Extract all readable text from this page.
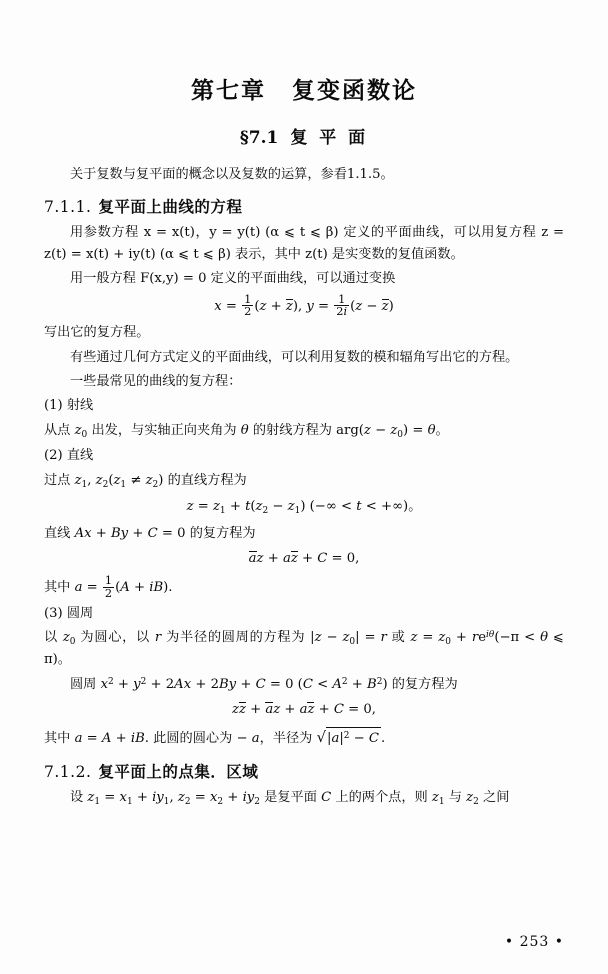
第七章 复变函数论
§7.1 复 平 面

关于复数与复平面的概念以及复数的运算，参看1.1.5。

7.1.1. 复平面上曲线的方程

用参数方程 x = x(t)，y = y(t) (α ⩽ t ⩽ β) 定义的平面曲线，可以用复方程 z = z(t) = x(t) + iy(t) (α ⩽ t ⩽ β) 表示，其中 z(t) 是实变数的复值函数。

用一般方程 F(x,y) = 0 定义的平面曲线，可以通过变换

$x = \frac{1}{2} (z + z)$, $y = \frac{1}{2i} (z - z)$

写出它的复方程。

有些通过几何方式定义的平面曲线，可以利用复数的模和辐角写出它的方程。

一些最常见的曲线的复方程：

(1) 射线

从点 $z_0$ 出发，与实轴正向夹角为 θ 的射线方程为 $arg(z - z_0) = \theta$。

(2) 直线

过点 $z_1$, $z_2(z_1 \ne z_2)$ 的直线方程为

$z = z_1 + t(z_2 - z_1)$ (−∞ < t < +∞)。

直线 Ax + By + C = 0 的复方程为

az + az + C = 0,

其中 $a = \frac{1}{2} (A + iB)$.

(3) 圆周

以 $z_0$ 为圆心，以 r 为半径的圆周的方程为 $|z - z_0| = r$ 或 $z = z_0 + re^{i\theta}(-\pi < \theta$ ⩽ π)。

圆周 $x^2 + y^2 + 2Ax + 2By + C = 0$ $(C < A^2 + B^2)$ 的复方程为

zz + az + az + C = 0,

其中 a = A + iB. 此圆的圆心为 − a，半径为 $√|a|^2 - C$ .

7.1.2. 复平面上的点集．区域

设 $z_1 = x_1 + iy_1$, $z_2 = x_2 + iy_2$ 是复平面 C 上的两个点，则 $z_1$ 与 $z_2$ 之间

• 253 •
